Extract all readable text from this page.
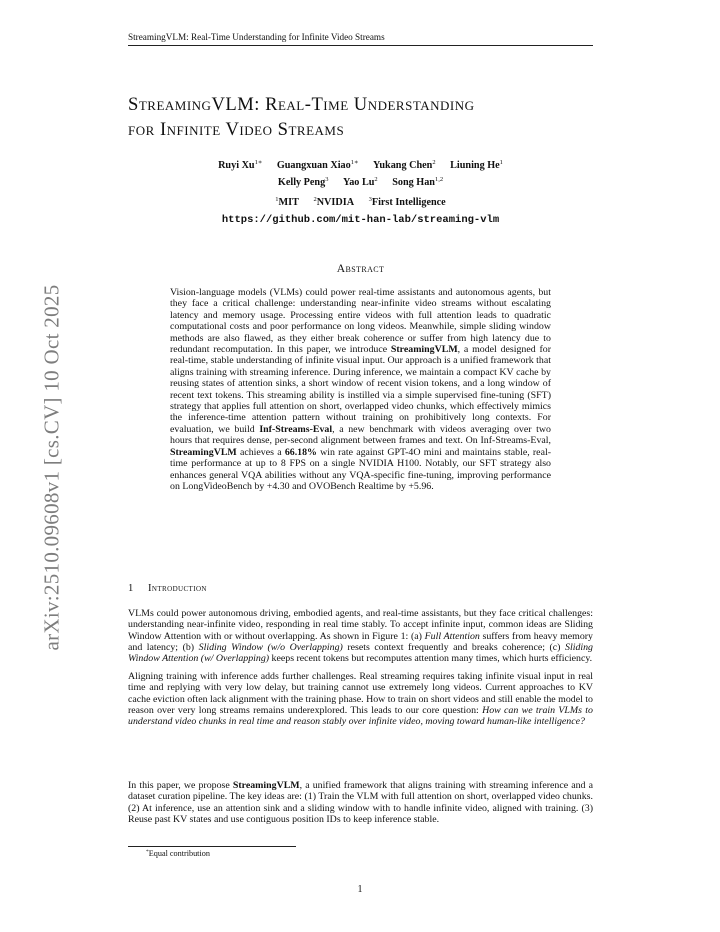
StreamingVLM: Real-Time Understanding for Infinite Video Streams
arXiv:2510.09608v1 [cs.CV] 10 Oct 2025
StreamingVLM: Real-Time Understanding
for Infinite Video Streams
Ruyi $Xu^{1∗}$ Guangxuan Xiao$^{1∗}$ Yukang Chen$^2$ Liuning He$^1$
Kelly Peng$^3$ Yao Lu$^2$ Song Han$^{1,2}$
$^1$MIT $^2$NVIDIA $^3$First Intelligence
https://github.com/mit-han-lab/streaming-vlm
Abstract
Vision-language models (VLMs) could power real-time assistants and autonomous agents, but they face a critical challenge: understanding near-infinite video streams without escalating latency and memory usage. Processing entire videos with full attention leads to quadratic computational costs and poor performance on long videos. Meanwhile, simple sliding window methods are also flawed, as they either break coherence or suffer from high latency due to redundant recomputation. In this paper, we introduce StreamingVLM, a model designed for real-time, stable understanding of infinite visual input. Our approach is a unified framework that aligns training with streaming inference. During inference, we maintain a compact KV cache by reusing states of attention sinks, a short window of recent vision tokens, and a long window of recent text tokens. This streaming ability is instilled via a simple supervised fine-tuning (SFT) strategy that applies full attention on short, overlapped video chunks, which effectively mimics the inference-time attention pattern without training on prohibitively long contexts. For evaluation, we build Inf-Streams-Eval, a new benchmark with videos averaging over two hours that requires dense, per-second alignment between frames and text. On Inf-Streams-Eval, StreamingVLM achieves a 66.18% win rate against GPT-4O mini and maintains stable, real-time performance at up to 8 FPS on a single NVIDIA H100. Notably, our SFT strategy also enhances general VQA abilities without any VQA-specific fine-tuning, improving performance on LongVideoBench by +4.30 and OVOBench Realtime by +5.96.
1 Introduction
VLMs could power autonomous driving, embodied agents, and real-time assistants, but they face critical challenges: understanding near-infinite video, responding in real time stably. To accept infinite input, common ideas are Sliding Window Attention with or without overlapping. As shown in Figure 1: (a) Full Attention suffers from heavy memory and latency; (b) Sliding Window (w/o Overlapping) resets context frequently and breaks coherence; (c) Sliding Window Attention (w/ Overlapping) keeps recent tokens but recomputes attention many times, which hurts efficiency.
Aligning training with inference adds further challenges. Real streaming requires taking infinite visual input in real time and replying with very low delay, but training cannot use extremely long videos. Current approaches to KV cache eviction often lack alignment with the training phase. How to train on short videos and still enable the model to reason over very long streams remains underexplored. This leads to our core question: How can we train VLMs to understand video chunks in real time and reason stably over infinite video, moving toward human-like intelligence?
In this paper, we propose StreamingVLM, a unified framework that aligns training with streaming inference and a dataset curation pipeline. The key ideas are: (1) Train the VLM with full attention on short, overlapped video chunks. (2) At inference, use an attention sink and a sliding window with to handle infinite video, aligned with training. (3) Reuse past KV states and use contiguous position IDs to keep inference stable.
*Equal contribution
1
